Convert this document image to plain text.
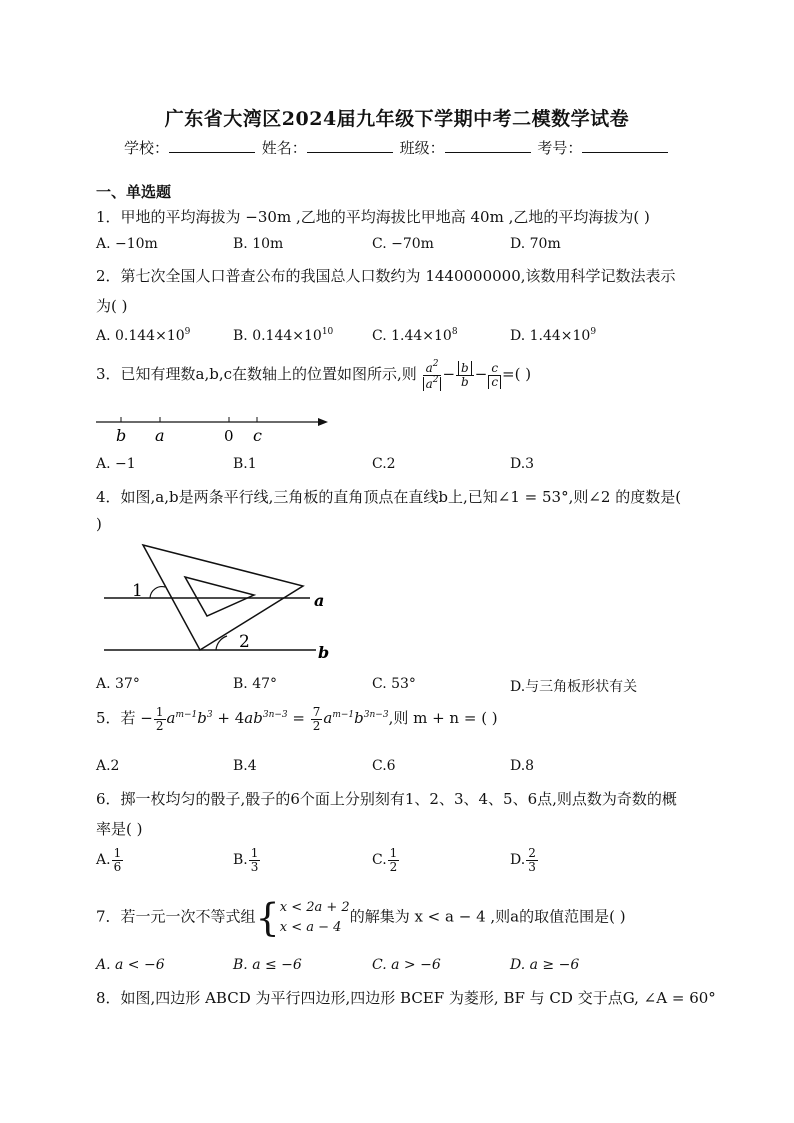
广东省大湾区2024届九年级下学期中考二模数学试卷
学校：	姓名：	班级：	考号：
一、单选题
1．甲地的平均海拔为 −30m ,乙地的平均海拔比甲地高 40m ,乙地的平均海拔为( )
A. −10m	B. 10m	C. −70m	D. 70m
2．第七次全国人口普查公布的我国总人口数约为 1440000000,该数用科学记数法表示
为( )
A. $0.144\times 10^9$	B. $0.144\times 10^{10}$	C. $1.44\times 10^8$	D. $1.44\times 10^9$
3．已知有理数a,b,c在数轴上的位置如图所示,则 $\frac{a^2}{a^2} - \frac{b}{b} - \frac{c}{c}$ =( )
b a	0 c
A. −1	B.1	C.2	D.3
4．如图,a,b是两条平行线,三角板的直角顶点在直线b上,已知∠1 = 53°,则∠2 的度数是(
)
1
2
a
b
A. 37°	B. 47°	C. 53°	D.与三角板形状有关
5．若 − $\frac{1}{2} a^{m-1}b^3 + 4ab^{3n-3} = \frac{7}{2} a^{m-1}b^{3n-3}$,则 m + n = ( )
A.2	B.4	C.6	D.8
6．掷一枚均匀的骰子,骰子的6个面上分别刻有1、2、3、4、5、6点,则点数为奇数的概
率是( )
A. $\frac{1}{6}$	B. $\frac{1}{3}$	C. $\frac{1}{2}$	D. $\frac{2}{3}$
7．若一元一次不等式组{ x < 2a + 2
x < a − 4
的解集为 x < a − 4 ,则a的取值范围是( )
A. a < −6	B. a ≤ −6	C. a > −6	D. a ≥ −6
8．如图,四边形 ABCD 为平行四边形,四边形 BCEF 为菱形, BF 与 CD 交于点G, ∠A = 60°
